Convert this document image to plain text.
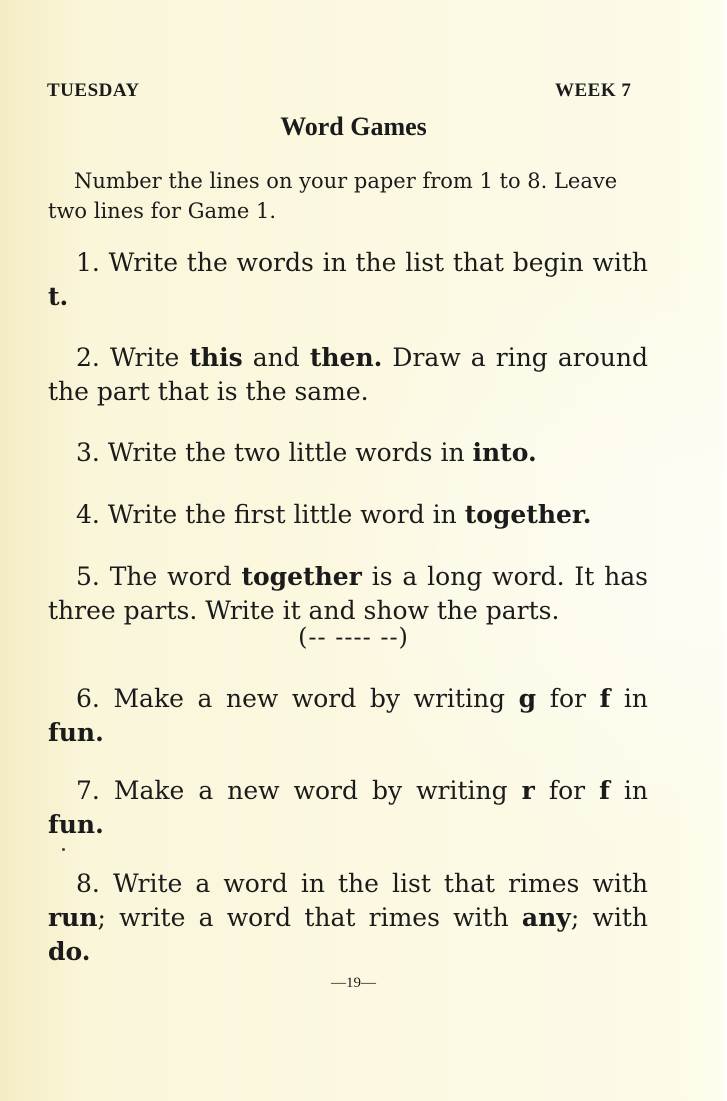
TUESDAY	WEEK 7
Word Games
Number the lines on your paper from 1 to 8. Leave two lines for Game 1.
1. Write the words in the list that begin with t.
2. Write this and then. Draw a ring around the part that is the same.
3. Write the two little words in into.
4. Write the first little word in together.
5. The word together is a long word. It has three parts. Write it and show the parts.
(-- ---- --)
6. Make a new word by writing g for f in fun.
7. Make a new word by writing r for f in fun.
8. Write a word in the list that rimes with run; write a word that rimes with any; with do.
—19—
